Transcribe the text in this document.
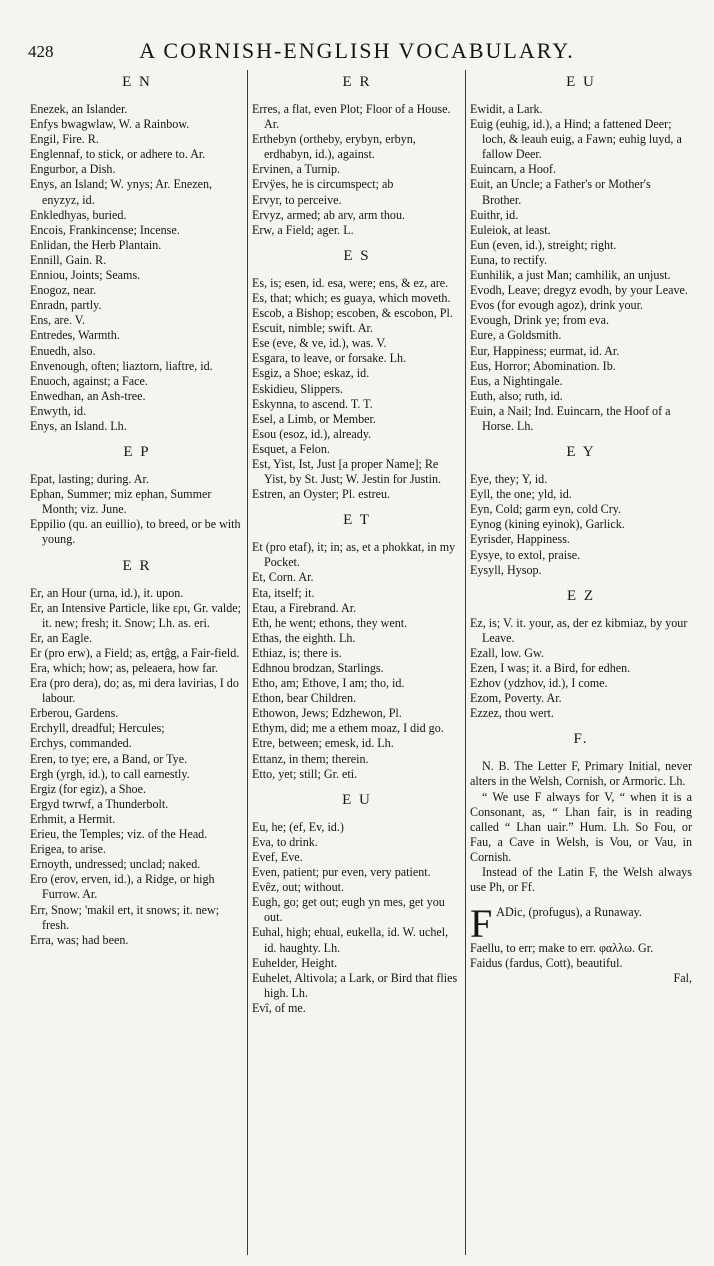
428	A CORNISH-ENGLISH VOCABULARY.
E N
Enezek, an Islander.
Enfys bwagwlaw, W. a Rainbow.
Engil, Fire. R.
Englennaf, to stick, or adhere to. Ar.
Engurbor, a Dish.
Enys, an Island; W. ynys; Ar. Enezen, enyzyz, id.
Enkledhyas, buried.
Encois, Frankincense; Incense.
Enlidan, the Herb Plantain.
Ennill, Gain. R.
Enniou, Joints; Seams.
Enogoz, near.
Enradn, partly.
Ens, are. V.
Entredes, Warmth.
Enuedh, also.
Envenough, often; liaztorn, liaftre, id.
Enuoch, against; a Face.
Enwedhan, an Ash-tree.
Enwyth, id.
Enys, an Island. Lh.
E P
Epat, lasting; during. Ar.
Ephan, Summer; miz ephan, Summer Month; viz. June.
Eppilio (qu. an euillio), to breed, or be with young.
E R
Er, an Hour (urna, id.), it. upon.
Er, an Intensive Particle, like ερι, Gr. valde; it. new; fresh; it. Snow; Lh. as. eri.
Er, an Eagle.
Er (pro erw), a Field; as, ertĝg, a Fair-field.
Era, which; how; as, peleaera, how far.
Era (pro dera), do; as, mi dera lavirias, I do labour.
Erberou, Gardens.
Erchyll, dreadful; Hercules;
Erchys, commanded.
Eren, to tye; ere, a Band, or Tye.
Ergh (yrgh, id.), to call earnestly.
Ergiz (for egiz), a Shoe.
Ergyd twrwf, a Thunderbolt.
Erhmit, a Hermit.
Erieu, the Temples; viz. of the Head.
Erigea, to arise.
Ernoyth, undressed; unclad; naked.
Ero (erov, erven, id.), a Ridge, or high Furrow. Ar.
Err, Snow; 'makil ert, it snows; it. new; fresh.
Erra, was; had been.
E R
Erres, a flat, even Plot; Floor of a House. Ar.
Erthebyn (ortheby, erybyn, erbyn, erdhabyn, id.), against.
Ervinen, a Turnip.
Ervÿes, he is circumspect; ab
Ervyr, to perceive.
Ervyz, armed; ab arv, arm thou.
Erw, a Field; ager. L.
E S
Es, is; esen, id. esa, were; ens, & ez, are.
Es, that; which; es guaya, which moveth.
Escob, a Bishop; escoben, & escobon, Pl.
Escuit, nimble; swift. Ar.
Ese (eve, & ve, id.), was. V.
Esgara, to leave, or forsake. Lh.
Esgiz, a Shoe; eskaz, id.
Eskidieu, Slippers.
Eskynna, to ascend. T. T.
Esel, a Limb, or Member.
Esou (esoz, id.), already.
Esquet, a Felon.
Est, Yist, Ist, Just [a proper Name]; Re Yist, by St. Just; W. Jestin for Justin.
Estren, an Oyster; Pl. estreu.
E T
Et (pro etaf), it; in; as, et a phokkat, in my Pocket.
Et, Corn. Ar.
Eta, itself; it.
Etau, a Firebrand. Ar.
Eth, he went; ethons, they went.
Ethas, the eighth. Lh.
Ethiaz, is; there is.
Edhnou brodzan, Starlings.
Etho, am; Ethove, I am; tho, id.
Ethon, bear Children.
Ethowon, Jews; Edzhewon, Pl.
Ethym, did; me a ethem moaz, I did go.
Etre, between; emesk, id. Lh.
Ettanz, in them; therein.
Etto, yet; still; Gr. eti.
E U
Eu, he; (ef, Ev, id.)
Eva, to drink.
Evef, Eve.
Even, patient; pur even, very patient.
Evêz, out; without.
Eugh, go; get out; eugh yn mes, get you out.
Euhal, high; ehual, eukella, id. W. uchel, id. haughty. Lh.
Euhelder, Height.
Euhelet, Altivola; a Lark, or Bird that flies high. Lh.
Evî, of me.
E U
Ewidit, a Lark.
Euig (euhig, id.), a Hind; a fattened Deer; loch, & leauh euig, a Fawn; euhig luyd, a fallow Deer.
Euincarn, a Hoof.
Euit, an Uncle; a Father's or Mother's Brother.
Euithr, id.
Euleiok, at least.
Eun (even, id.), streight; right.
Euna, to rectify.
Eunhilik, a just Man; camhilik, an unjust.
Evodh, Leave; dregyz evodh, by your Leave.
Evos (for evough agoz), drink your.
Evough, Drink ye; from eva.
Eure, a Goldsmith.
Eur, Happiness; eurmat, id. Ar.
Eus, Horror; Abomination. Ib.
Eus, a Nightingale.
Euth, also; ruth, id.
Euin, a Nail; Ind. Euincarn, the Hoof of a Horse. Lh.
E Y
Eye, they; Y, id.
Eyll, the one; yld, id.
Eyn, Cold; garm eyn, cold Cry.
Eynog (kining eyinok), Garlick.
Eyrisder, Happiness.
Eysye, to extol, praise.
Eysyll, Hysop.
E Z
Ez, is; V. it. your, as, der ez kibmiaz, by your Leave.
Ezall, low. Gw.
Ezen, I was; it. a Bird, for edhen.
Ezhov (ydzhov, id.), I come.
Ezom, Poverty. Ar.
Ezzez, thou wert.
F.
N. B. The Letter F, Primary Initial, never alters in the Welsh, Cornish, or Armoric. Lh.
“ We use F always for V, “ when it is a Consonant, as, “ Lhan fair, is in reading called “ Lhan uair.” Hum. Lh. So Fou, or Fau, a Cave in Welsh, is Vou, or Vau, in Cornish.
Instead of the Latin F, the Welsh always use Ph, or Ff.
F ADic, (profugus), a Runaway.
Faellu, to err; make to err. φαλλω. Gr.
Faidus (fardus, Cott), beautiful.
Fal,
